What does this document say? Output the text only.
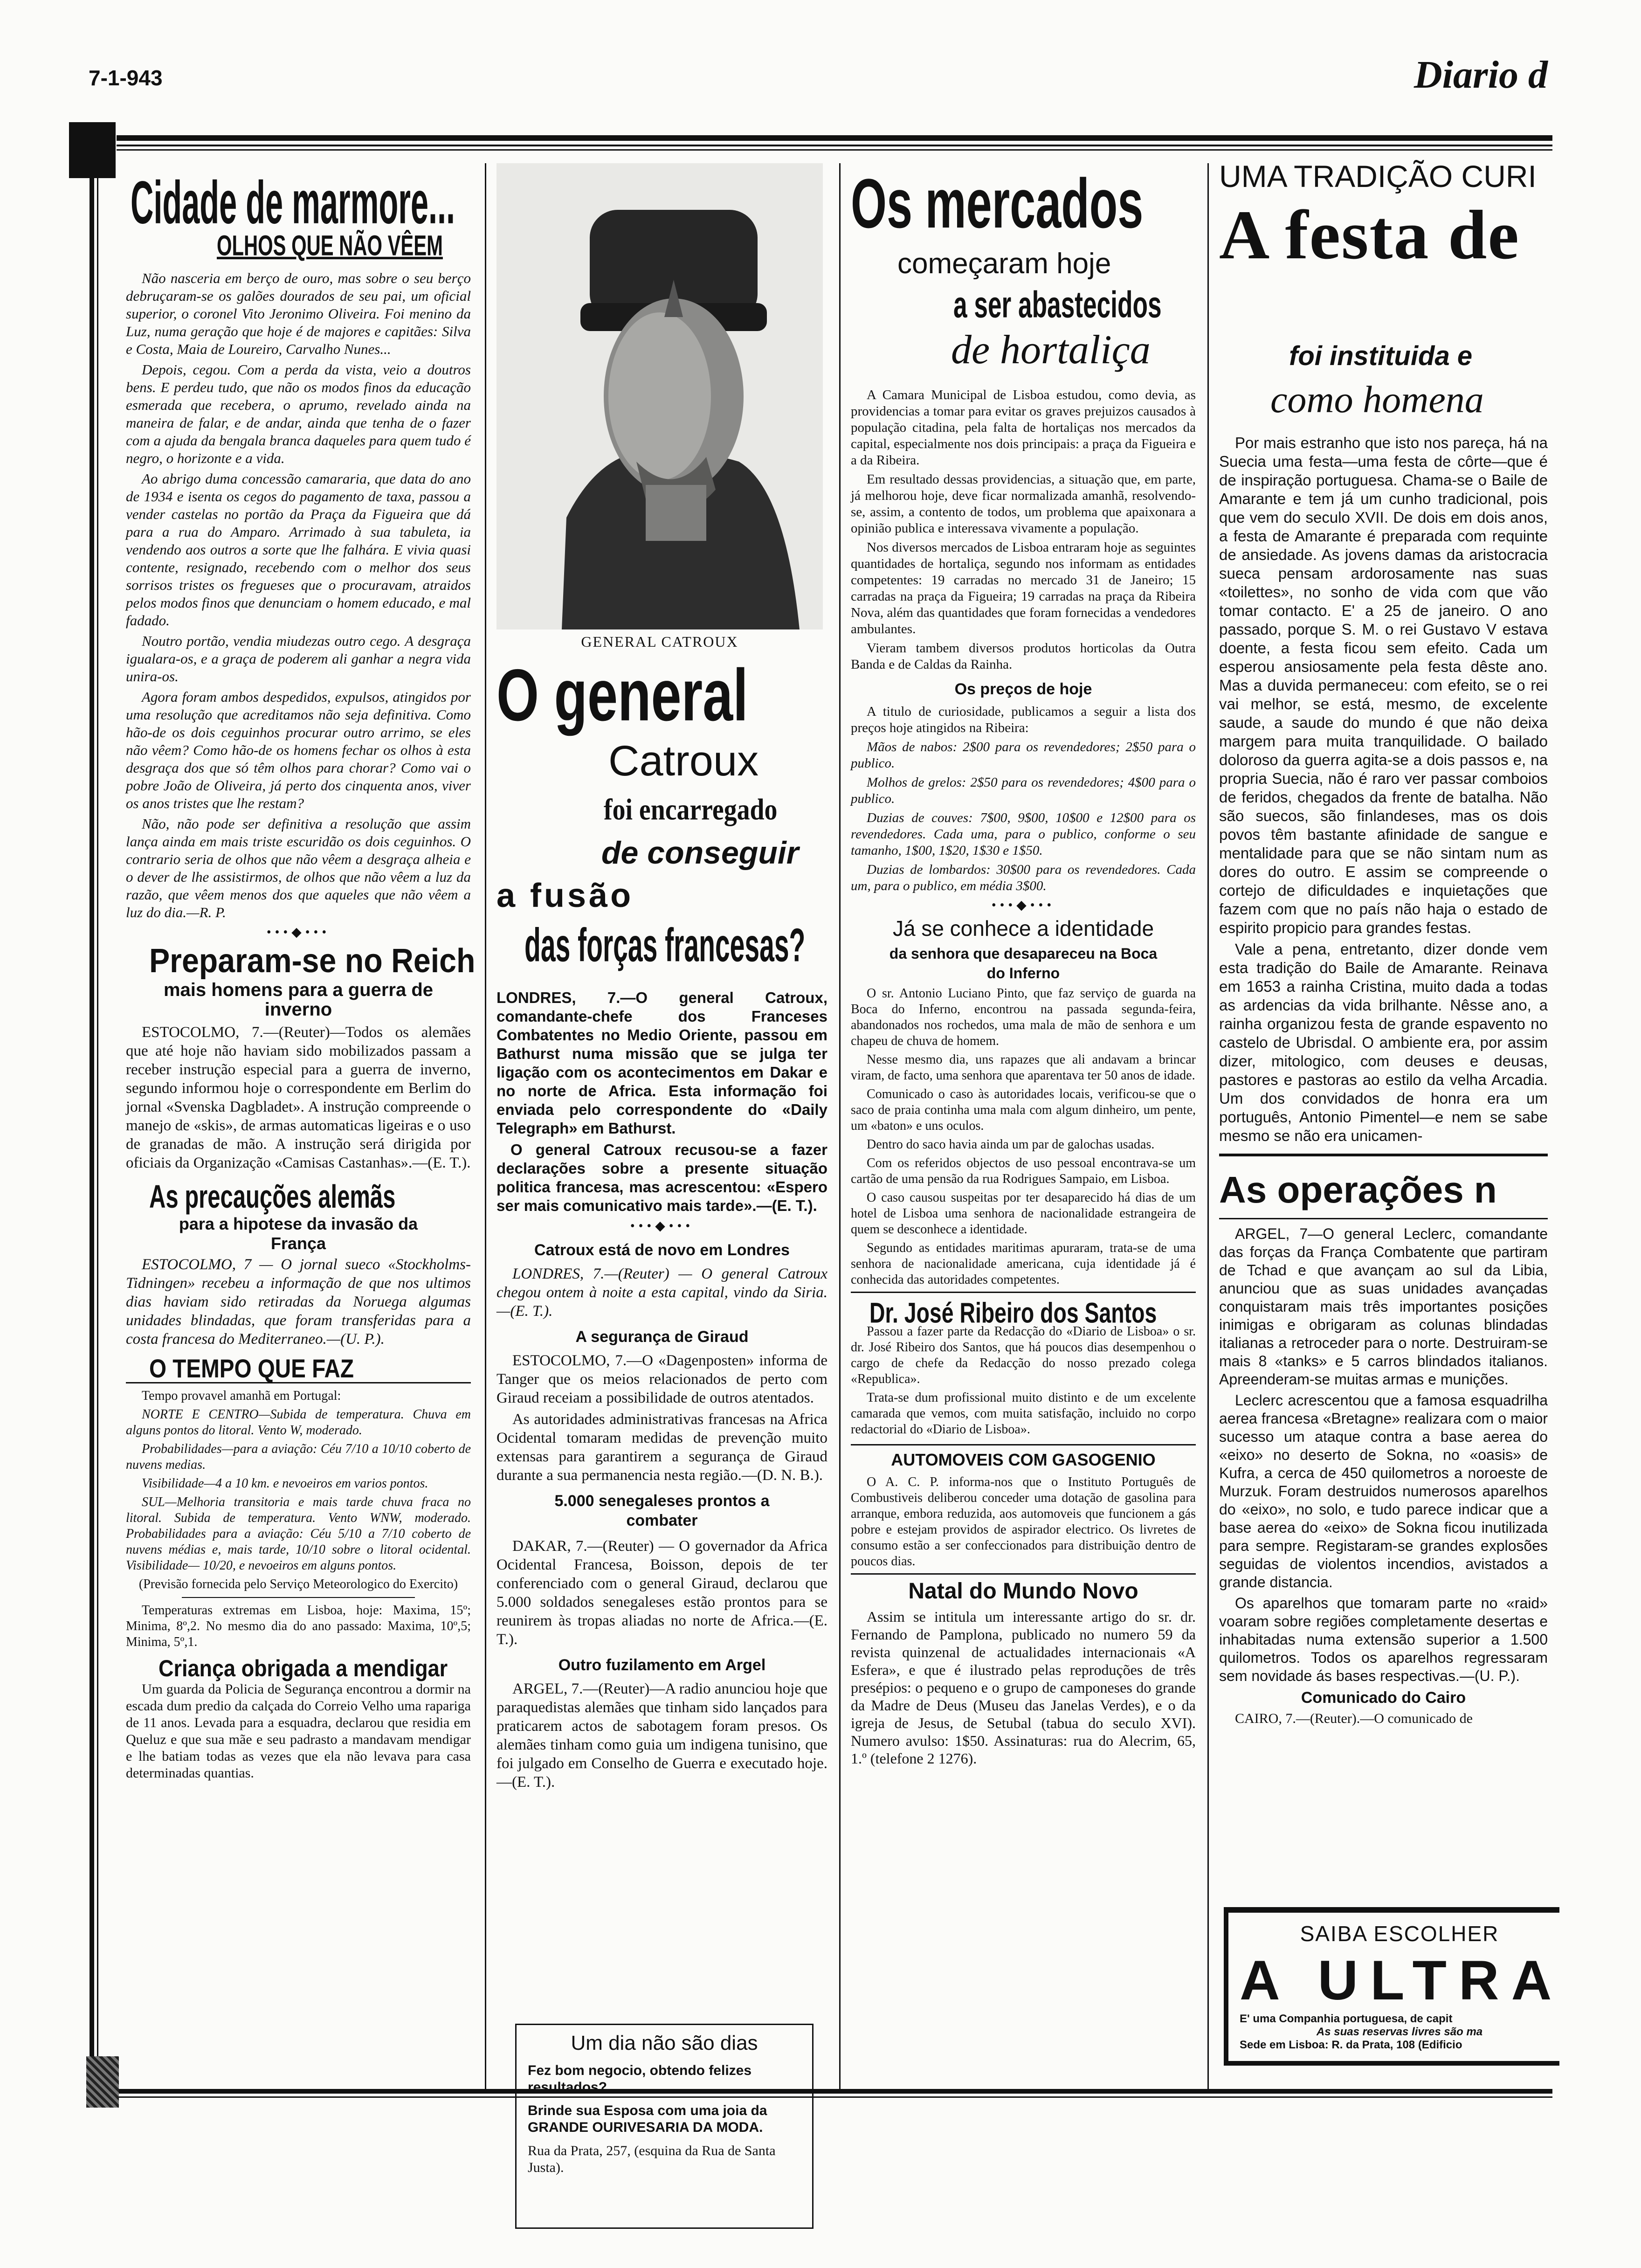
7-1-943	Diario d
Cidade de marmore...
OLHOS QUE NÃO VÊEM

Não nasceria em berço de ouro, mas sobre o seu berço debruçaram-se os galões dourados de seu pai, um oficial superior, o coronel Vito Jeronimo Oliveira. Foi menino da Luz, numa geração que hoje é de majores e capitães: Silva e Costa, Maia de Loureiro, Carvalho Nunes...

Depois, cegou. Com a perda da vista, veio a doutros bens. E perdeu tudo, que não os modos finos da educação esmerada que recebera, o aprumo, revelado ainda na maneira de falar, e de andar, ainda que tenha de o fazer com a ajuda da bengala branca daqueles para quem tudo é negro, o horizonte e a vida.

Ao abrigo duma concessão camararia, que data do ano de 1934 e isenta os cegos do pagamento de taxa, passou a vender castelas no portão da Praça da Figueira que dá para a rua do Amparo. Arrimado à sua tabuleta, ia vendendo aos outros a sorte que lhe falhára. E vivia quasi contente, resignado, recebendo com o melhor dos seus sorrisos tristes os fregueses que o procuravam, atraidos pelos modos finos que denunciam o homem educado, e mal fadado.

Noutro portão, vendia miudezas outro cego. A desgraça igualara-os, e a graça de poderem ali ganhar a negra vida unira-os.

Agora foram ambos despedidos, expulsos, atingidos por uma resolução que acreditamos não seja definitiva. Como hão-de os dois ceguinhos procurar outro arrimo, se eles não vêem? Como hão-de os homens fechar os olhos à esta desgraça dos que só têm olhos para chorar? Como vai o pobre João de Oliveira, já perto dos cinquenta anos, viver os anos tristes que lhe restam?

Não, não pode ser definitiva a resolução que assim lança ainda em mais triste escuridão os dois ceguinhos. O contrario seria de olhos que não vêem a desgraça alheia e o dever de lhe assistirmos, de olhos que não vêem a luz da razão, que vêem menos dos que aqueles que não vêem a luz do dia.—R. P.

•••◆•••
Preparam-se no Reich
mais homens para a guerra de inverno

ESTOCOLMO, 7.—(Reuter)—Todos os alemães que até hoje não haviam sido mobilizados passam a receber instrução especial para a guerra de inverno, segundo informou hoje o correspondente em Berlim do jornal «Svenska Dagbladet». A instrução compreende o manejo de «skis», de armas automaticas ligeiras e o uso de granadas de mão. A instrução será dirigida por oficiais da Organização «Camisas Castanhas».—(E. T.).

As precauções alemãs
para a hipotese da invasão da França

ESTOCOLMO, 7 — O jornal sueco «Stockholms-Tidningen» recebeu a informação de que nos ultimos dias haviam sido retiradas da Noruega algumas unidades blindadas, que foram transferidas para a costa francesa do Mediterraneo.—(U. P.).

O TEMPO QUE FAZ

Tempo provavel amanhã em Portugal:

NORTE E CENTRO—Subida de temperatura. Chuva em alguns pontos do litoral. Vento W, moderado.

Probabilidades—para a aviação: Céu 7/10 a 10/10 coberto de nuvens medias.

Visibilidade—4 a 10 km. e nevoeiros em varios pontos.

SUL—Melhoria transitoria e mais tarde chuva fraca no litoral. Subida de temperatura. Vento WNW, moderado. Probabilidades para a aviação: Céu 5/10 a 7/10 coberto de nuvens médias e, mais tarde, 10/10 sobre o litoral ocidental. Visibilidade— 10/20, e nevoeiros em alguns pontos.

(Previsão fornecida pelo Serviço Meteorologico do Exercito)

Temperaturas extremas em Lisboa, hoje: Maxima, 15º; Minima, 8º,2. No mesmo dia do ano passado: Maxima, 10º,5; Minima, 5º,1.

Criança obrigada a mendigar

Um guarda da Policia de Segurança encontrou a dormir na escada dum predio da calçada do Correio Velho uma rapariga de 11 anos. Levada para a esquadra, declarou que residia em Queluz e que sua mãe e seu padrasto a mandavam mendigar e lhe batiam todas as vezes que ela não levava para casa determinadas quantias.

GENERAL CATROUX
O general
Catroux
foi encarregado
de conseguir
a fusão
das forças francesas?

LONDRES, 7.—O general Catroux, comandante-chefe dos Franceses Combatentes no Medio Oriente, passou em Bathurst numa missão que se julga ter ligação com os acontecimentos em Dakar e no norte de Africa. Esta informação foi enviada pelo correspondente do «Daily Telegraph» em Bathurst.

O general Catroux recusou-se a fazer declarações sobre a presente situação politica francesa, mas acrescentou: «Espero ser mais comunicativo mais tarde».—(E. T.).

•••◆•••
Catroux está de novo em Londres

LONDRES, 7.—(Reuter) — O general Catroux chegou ontem à noite a esta capital, vindo da Siria.—(E. T.).

A segurança de Giraud

ESTOCOLMO, 7.—O «Dagenposten» informa de Tanger que os meios relacionados de perto com Giraud receiam a possibilidade de outros atentados.

As autoridades administrativas francesas na Africa Ocidental tomaram medidas de prevenção muito extensas para garantirem a segurança de Giraud durante a sua permanencia nesta região.—(D. N. B.).

5.000 senegaleses prontos a combater

DAKAR, 7.—(Reuter) — O governador da Africa Ocidental Francesa, Boisson, depois de ter conferenciado com o general Giraud, declarou que 5.000 soldados senegaleses estão prontos para se reunirem às tropas aliadas no norte de Africa.—(E. T.).

Outro fuzilamento em Argel

ARGEL, 7.—(Reuter)—A radio anunciou hoje que paraquedistas alemães que tinham sido lançados para praticarem actos de sabotagem foram presos. Os alemães tinham como guia um indigena tunisino, que foi julgado em Conselho de Guerra e executado hoje.—(E. T.).

Um dia não são dias
Fez bom negocio, obtendo felizes resultados?
Brinde sua Esposa com uma joia da GRANDE OURIVESARIA DA MODA.
Rua da Prata, 257, (esquina da Rua de Santa Justa).
Os mercados
começaram hoje
a ser abastecidos
de hortaliça

A Camara Municipal de Lisboa estudou, como devia, as providencias a tomar para evitar os graves prejuizos causados à população citadina, pela falta de hortaliças nos mercados da capital, especialmente nos dois principais: a praça da Figueira e a da Ribeira.

Em resultado dessas providencias, a situação que, em parte, já melhorou hoje, deve ficar normalizada amanhã, resolvendo-se, assim, a contento de todos, um problema que apaixonara a opinião publica e interessava vivamente a população.

Nos diversos mercados de Lisboa entraram hoje as seguintes quantidades de hortaliça, segundo nos informam as entidades competentes: 19 carradas no mercado 31 de Janeiro; 15 carradas na praça da Figueira; 19 carradas na praça da Ribeira Nova, além das quantidades que foram fornecidas a vendedores ambulantes.

Vieram tambem diversos produtos horticolas da Outra Banda e de Caldas da Rainha.

Os preços de hoje

A titulo de curiosidade, publicamos a seguir a lista dos preços hoje atingidos na Ribeira:

Mãos de nabos: 2$00 para os revendedores; 2$50 para o publico.

Molhos de grelos: 2$50 para os revendedores; 4$00 para o publico.

Duzias de couves: 7$00, 9$00, 10$00 e 12$00 para os revendedores. Cada uma, para o publico, conforme o seu tamanho, 1$00, 1$20, 1$30 e 1$50.

Duzias de lombardos: 30$00 para os revendedores. Cada um, para o publico, em média 3$00.

•••◆•••
Já se conhece a identidade
da senhora que desapareceu na Boca do Inferno

O sr. Antonio Luciano Pinto, que faz serviço de guarda na Boca do Inferno, encontrou na passada segunda-feira, abandonados nos rochedos, uma mala de mão de senhora e um chapeu de chuva de homem.

Nesse mesmo dia, uns rapazes que ali andavam a brincar viram, de facto, uma senhora que aparentava ter 50 anos de idade.

Comunicado o caso às autoridades locais, verificou-se que o saco de praia continha uma mala com algum dinheiro, um pente, um «baton» e uns oculos.

Dentro do saco havia ainda um par de galochas usadas.

Com os referidos objectos de uso pessoal encontrava-se um cartão de uma pensão da rua Rodrigues Sampaio, em Lisboa.

O caso causou suspeitas por ter desaparecido há dias de um hotel de Lisboa uma senhora de nacionalidade estrangeira de quem se desconhece a identidade.

Segundo as entidades maritimas apuraram, trata-se de uma senhora de nacionalidade americana, cuja identidade já é conhecida das autoridades competentes.

Dr. José Ribeiro dos Santos

Passou a fazer parte da Redacção do «Diario de Lisboa» o sr. dr. José Ribeiro dos Santos, que há poucos dias desempenhou o cargo de chefe da Redacção do nosso prezado colega «Republica».

Trata-se dum profissional muito distinto e de um excelente camarada que vemos, com muita satisfação, incluido no corpo redactorial do «Diario de Lisboa».

AUTOMOVEIS COM GASOGENIO

O A. C. P. informa-nos que o Instituto Português de Combustiveis deliberou conceder uma dotação de gasolina para arranque, embora reduzida, aos automoveis que funcionem a gás pobre e estejam providos de aspirador electrico. Os livretes de consumo estão a ser confeccionados para distribuição dentro de poucos dias.

Natal do Mundo Novo

Assim se intitula um interessante artigo do sr. dr. Fernando de Pamplona, publicado no numero 59 da revista quinzenal de actualidades internacionais «A Esfera», e que é ilustrado pelas reproduções de três presépios: o pequeno e o grupo de camponeses do grande da Madre de Deus (Museu das Janelas Verdes), e o da igreja de Jesus, de Setubal (tabua do seculo XVI). Numero avulso: 1$50. Assinaturas: rua do Alecrim, 65, 1.º (telefone 2 1276).

UMA TRADIÇÃO CURI
A festa de
foi instituida e
como homena

Por mais estranho que isto nos pareça, há na Suecia uma festa—uma festa de côrte—que é de inspiração portuguesa. Chama-se o Baile de Amarante e tem já um cunho tradicional, pois que vem do seculo XVII. De dois em dois anos, a festa de Amarante é preparada com requinte de ansiedade. As jovens damas da aristocracia sueca pensam ardorosamente nas suas «toilettes», no sonho de vida com que vão tomar contacto. E' a 25 de janeiro. O ano passado, porque S. M. o rei Gustavo V estava doente, a festa ficou sem efeito. Cada um esperou ansiosamente pela festa dêste ano. Mas a duvida permaneceu: com efeito, se o rei vai melhor, se está, mesmo, de excelente saude, a saude do mundo é que não deixa margem para muita tranquilidade. O bailado doloroso da guerra agita-se a dois passos e, na propria Suecia, não é raro ver passar comboios de feridos, chegados da frente de batalha. Não são suecos, são finlandeses, mas os dois povos têm bastante afinidade de sangue e mentalidade para que se não sintam num as dores do outro. E assim se compreende o cortejo de dificuldades e inquietações que fazem com que no país não haja o estado de espirito propicio para grandes festas.

Vale a pena, entretanto, dizer donde vem esta tradição do Baile de Amarante. Reinava em 1653 a rainha Cristina, muito dada a todas as ardencias da vida brilhante. Nêsse ano, a rainha organizou festa de grande espavento no castelo de Ubrisdal. O ambiente era, por assim dizer, mitologico, com deuses e deusas, pastores e pastoras ao estilo da velha Arcadia. Um dos convidados de honra era um português, Antonio Pimentel—e nem se sabe mesmo se não era unicamen-

As operações n

ARGEL, 7—O general Leclerc, comandante das forças da França Combatente que partiram de Tchad e que avançam ao sul da Libia, anunciou que as suas unidades avançadas conquistaram mais três importantes posições inimigas e obrigaram as colunas blindadas italianas a retroceder para o norte. Destruiram-se mais 8 «tanks» e 5 carros blindados italianos. Apreenderam-se muitas armas e munições.

Leclerc acrescentou que a famosa esquadrilha aerea francesa «Bretagne» realizara com o maior sucesso um ataque contra a base aerea do «eixo» no deserto de Sokna, no «oasis» de Kufra, a cerca de 450 quilometros a noroeste de Murzuk. Foram destruidos numerosos aparelhos do «eixo», no solo, e tudo parece indicar que a base aerea do «eixo» de Sokna ficou inutilizada para sempre. Registaram-se grandes explosões seguidas de violentos incendios, avistados a grande distancia.

Os aparelhos que tomaram parte no «raid» voaram sobre regiões completamente desertas e inhabitadas numa extensão superior a 1.500 quilometros. Todos os aparelhos regressaram sem novidade ás bases respectivas.—(U. P.).

Comunicado do Cairo

CAIRO, 7.—(Reuter).—O comunicado de

SAIBA ESCOLHER
A ULTRA
E' uma Companhia portuguesa, de capit
As suas reservas livres são ma
Sede em Lisboa: R. da Prata, 108 (Edificio
